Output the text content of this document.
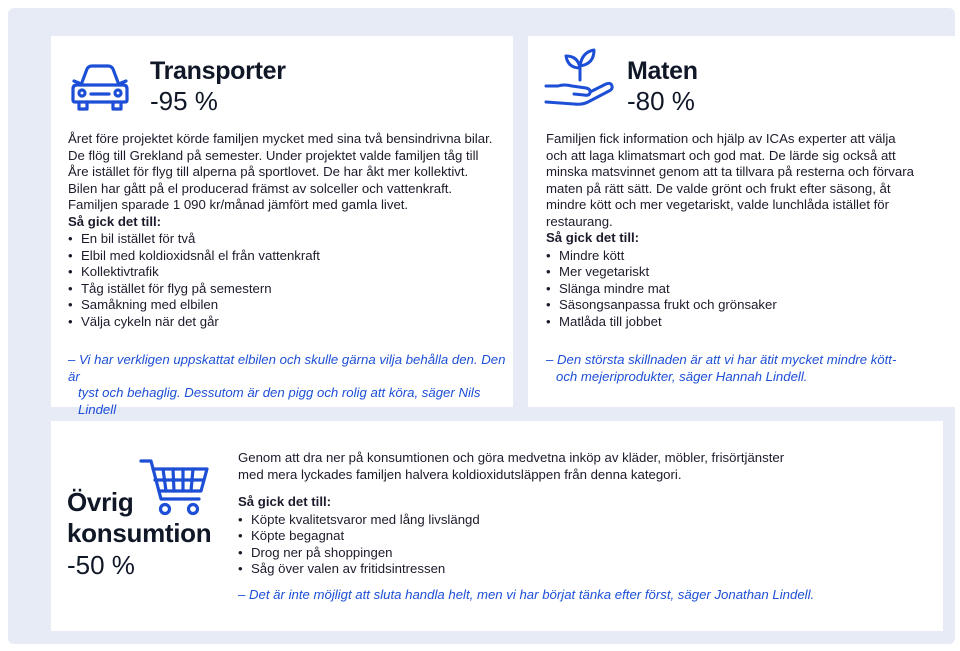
Transporter
-95 %

Året före projektet körde familjen mycket med sina två bensindrivna bilar.

De flög till Grekland på semester. Under projektet valde familjen tåg till

Åre istället för flyg till alperna på sportlovet. De har åkt mer kollektivt.

Bilen har gått på el producerad främst av solceller och vattenkraft.

Familjen sparade 1 090 kr/månad jämfört med gamla livet.

Så gick det till:

• En bil istället för två
• Elbil med koldioxidsnål el från vattenkraft
• Kollektivtrafik
• Tåg istället för flyg på semestern
• Samåkning med elbilen
• Välja cykeln när det går
– Vi har verkligen uppskattat elbilen och skulle gärna vilja behålla den. Den är
tyst och behaglig. Dessutom är den pigg och rolig att köra, säger Nils Lindell
Maten
-80 %

Familjen fick information och hjälp av ICAs experter att välja

och att laga klimatsmart och god mat. De lärde sig också att

minska matsvinnet genom att ta tillvara på resterna och förvara

maten på rätt sätt. De valde grönt och frukt efter säsong, åt

mindre kött och mer vegetariskt, valde lunchlåda istället för

restaurang.

Så gick det till:

• Mindre kött
• Mer vegetariskt
• Slänga mindre mat
• Säsongsanpassa frukt och grönsaker
• Matlåda till jobbet
– Den största skillnaden är att vi har ätit mycket mindre kött-
och mejeriprodukter, säger Hannah Lindell.
Övrig
konsumtion
-50 %

Genom att dra ner på konsumtionen och göra medvetna inköp av kläder, möbler, frisörtjänster

med mera lyckades familjen halvera koldioxidutsläppen från denna kategori.

Så gick det till:

• Köpte kvalitetsvaror med lång livslängd
• Köpte begagnat
• Drog ner på shoppingen
• Såg över valen av fritidsintressen
– Det är inte möjligt att sluta handla helt, men vi har börjat tänka efter först, säger Jonathan Lindell.
